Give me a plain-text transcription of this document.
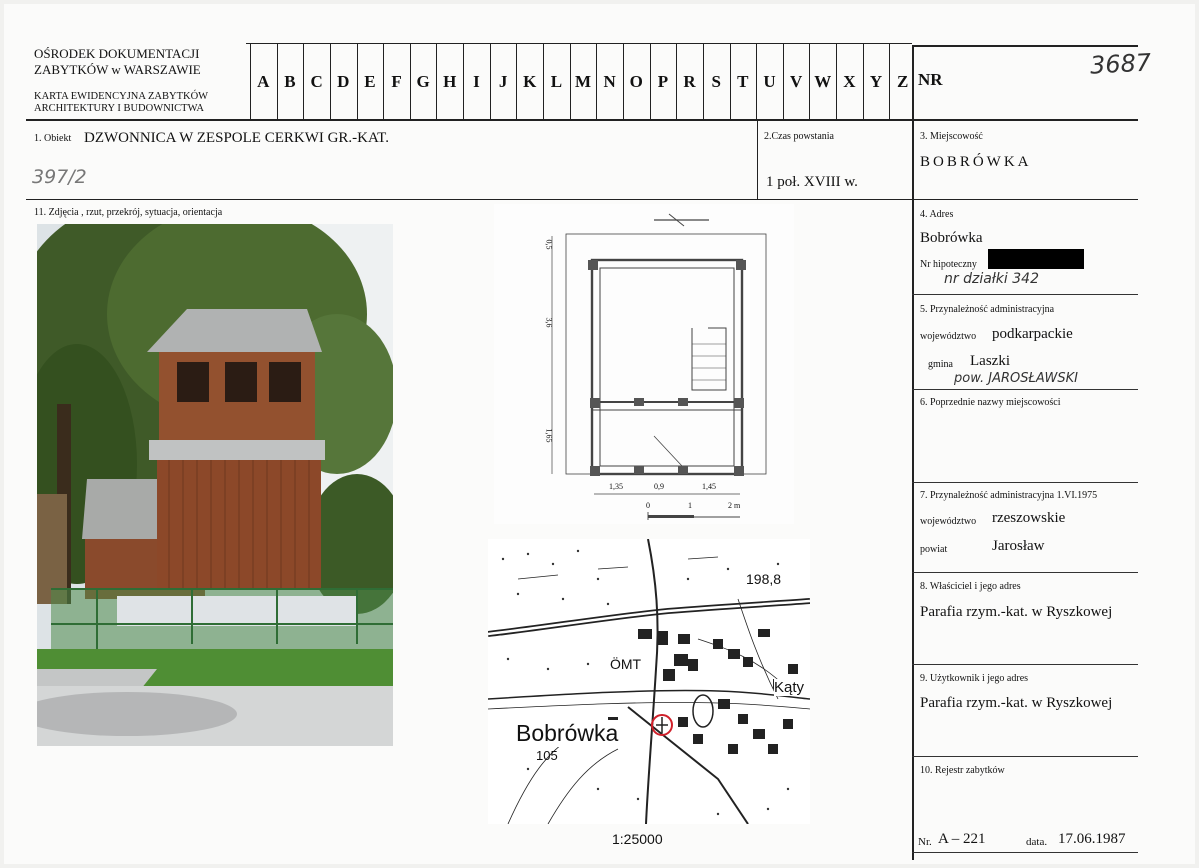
OŚRODEK DOKUMENTACJI
ZABYTKÓW w WARSZAWIE
KARTA EWIDENCYJNA ZABYTKÓW
ARCHITEKTURY I BUDOWNICTWA
A B C D E F G H I	J K L M N O P R S T U V W X Y Z NR	3687
1. Obiekt DZWONNICA W ZESPOLE CERKWI GR.-KAT.
397/2
2.Czas powstania
1 poł. XVIII w.
3. Miejscowość
BOBRÓWKA
11. Zdjęcia , rzut, przekrój, sytuacja, orientacja
0,5
3,6
1,65
1,35	0,9	1,45
0	1	2 m
198,8
ÖMT
Kąty
Bobrówka
105
1:25000
4. Adres
Bobrówka
Nr hipoteczny
nr działki 342
5. Przynależność administracyjna
województwo podkarpackie
gmina Laszki
pow. JAROSŁAWSKI
6. Poprzednie nazwy miejscowości
7. Przynależność administracyjna 1.VI.1975
województwo rzeszowskie
powiat	Jarosław
8. Właściciel i jego adres
Parafia rzym.-kat. w Ryszkowej
9. Użytkownik i jego adres
Parafia rzym.-kat. w Ryszkowej
10. Rejestr zabytków
Nr. A – 221	data. 17.06.1987
